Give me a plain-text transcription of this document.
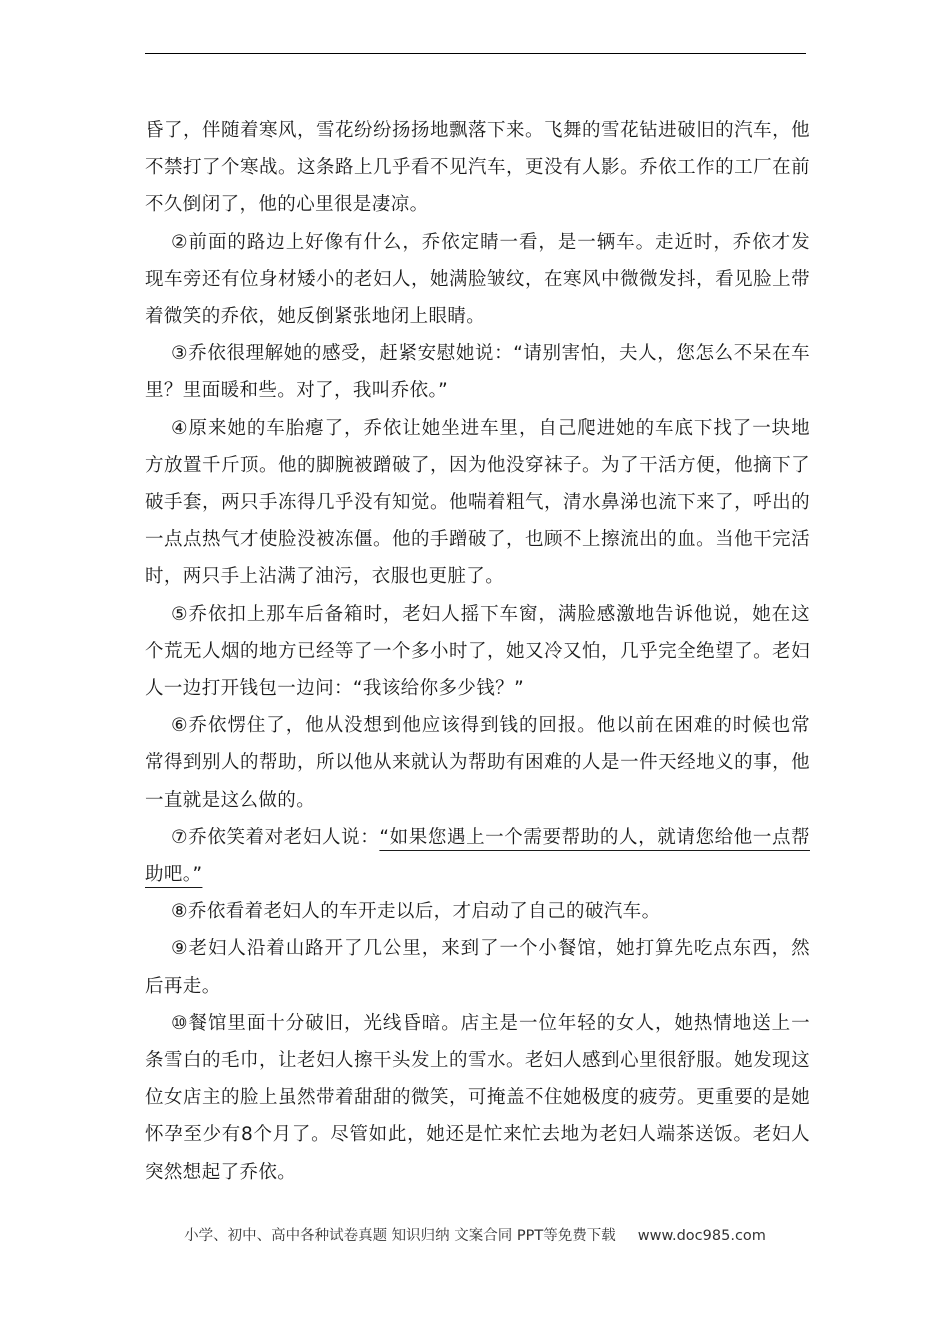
昏了，伴随着寒风，雪花纷纷扬扬地飘落下来。飞舞的雪花钻进破旧的汽车，他不禁打了个寒战。这条路上几乎看不见汽车，更没有人影。乔依工作的工厂在前不久倒闭了，他的心里很是凄凉。

②前面的路边上好像有什么，乔依定睛一看，是一辆车。走近时，乔依才发现车旁还有位身材矮小的老妇人，她满脸皱纹，在寒风中微微发抖，看见脸上带着微笑的乔依，她反倒紧张地闭上眼睛。

③乔依很理解她的感受，赶紧安慰她说：“请别害怕，夫人，您怎么不呆在车里？里面暖和些。对了，我叫乔依。”

④原来她的车胎瘪了，乔依让她坐进车里，自己爬进她的车底下找了一块地方放置千斤顶。他的脚腕被蹭破了，因为他没穿袜子。为了干活方便，他摘下了破手套，两只手冻得几乎没有知觉。他喘着粗气，清水鼻涕也流下来了，呼出的一点点热气才使脸没被冻僵。他的手蹭破了，也顾不上擦流出的血。当他干完活时，两只手上沾满了油污，衣服也更脏了。

⑤乔依扣上那车后备箱时，老妇人摇下车窗，满脸感激地告诉他说，她在这个荒无人烟的地方已经等了一个多小时了，她又冷又怕，几乎完全绝望了。老妇人一边打开钱包一边问：“我该给你多少钱？”

⑥乔依愣住了，他从没想到他应该得到钱的回报。他以前在困难的时候也常常得到别人的帮助，所以他从来就认为帮助有困难的人是一件天经地义的事，他一直就是这么做的。

⑦乔依笑着对老妇人说：“如果您遇上一个需要帮助的人，就请您给他一点帮助吧。”

⑧乔依看着老妇人的车开走以后，才启动了自己的破汽车。

⑨老妇人沿着山路开了几公里，来到了一个小餐馆，她打算先吃点东西，然后再走。

⑩餐馆里面十分破旧，光线昏暗。店主是一位年轻的女人，她热情地送上一条雪白的毛巾，让老妇人擦干头发上的雪水。老妇人感到心里很舒服。她发现这位女店主的脸上虽然带着甜甜的微笑，可掩盖不住她极度的疲劳。更重要的是她怀孕至少有8个月了。尽管如此，她还是忙来忙去地为老妇人端茶送饭。老妇人突然想起了乔依。

小学、初中、高中各种试卷真题 知识归纳 文案合同 PPT等免费下载 www.doc985.com
